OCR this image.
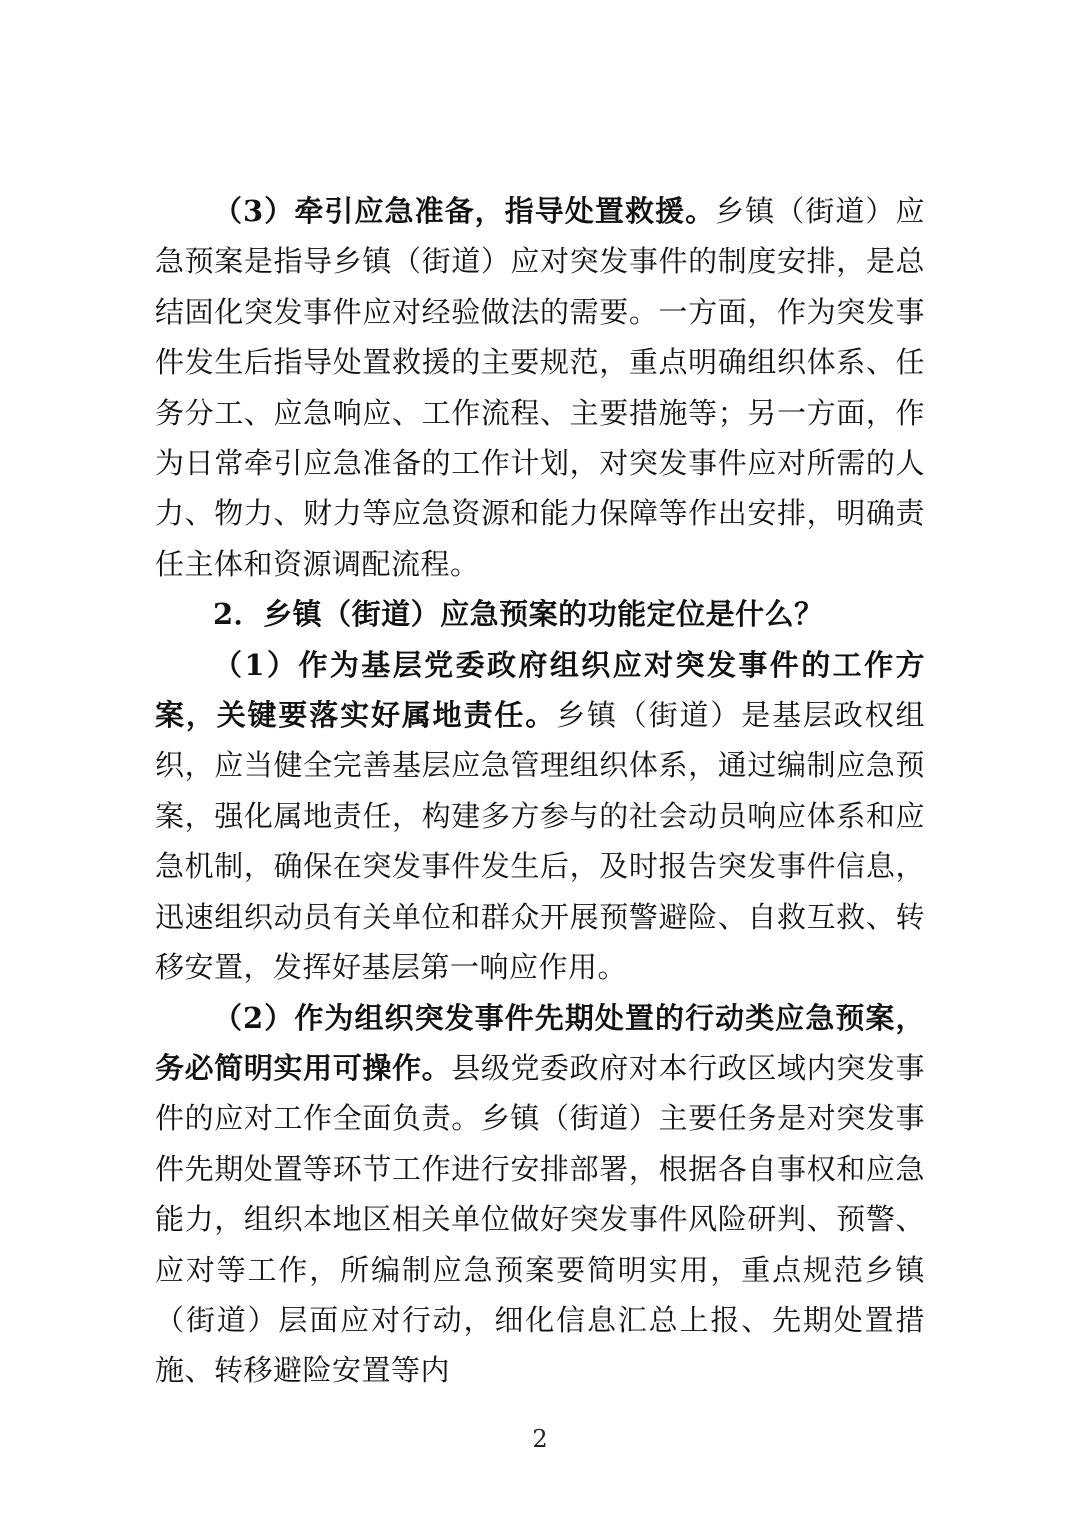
（3）牵引应急准备，指导处置救援。乡镇（街道）应急预案是指导乡镇（街道）应对突发事件的制度安排，是总结固化突发事件应对经验做法的需要。一方面，作为突发事件发生后指导处置救援的主要规范，重点明确组织体系、任务分工、应急响应、工作流程、主要措施等；另一方面，作为日常牵引应急准备的工作计划，对突发事件应对所需的人力、物力、财力等应急资源和能力保障等作出安排，明确责任主体和资源调配流程。

2．乡镇（街道）应急预案的功能定位是什么？

（1）作为基层党委政府组织应对突发事件的工作方案，关键要落实好属地责任。乡镇（街道）是基层政权组织，应当健全完善基层应急管理组织体系，通过编制应急预案，强化属地责任，构建多方参与的社会动员响应体系和应急机制，确保在突发事件发生后，及时报告突发事件信息，迅速组织动员有关单位和群众开展预警避险、自救互救、转移安置，发挥好基层第一响应作用。

（2）作为组织突发事件先期处置的行动类应急预案，务必简明实用可操作。县级党委政府对本行政区域内突发事件的应对工作全面负责。乡镇（街道）主要任务是对突发事件先期处置等环节工作进行安排部署，根据各自事权和应急能力，组织本地区相关单位做好突发事件风险研判、预警、应对等工作，所编制应急预案要简明实用，重点规范乡镇（街道）层面应对行动，细化信息汇总上报、先期处置措施、转移避险安置等内

2
